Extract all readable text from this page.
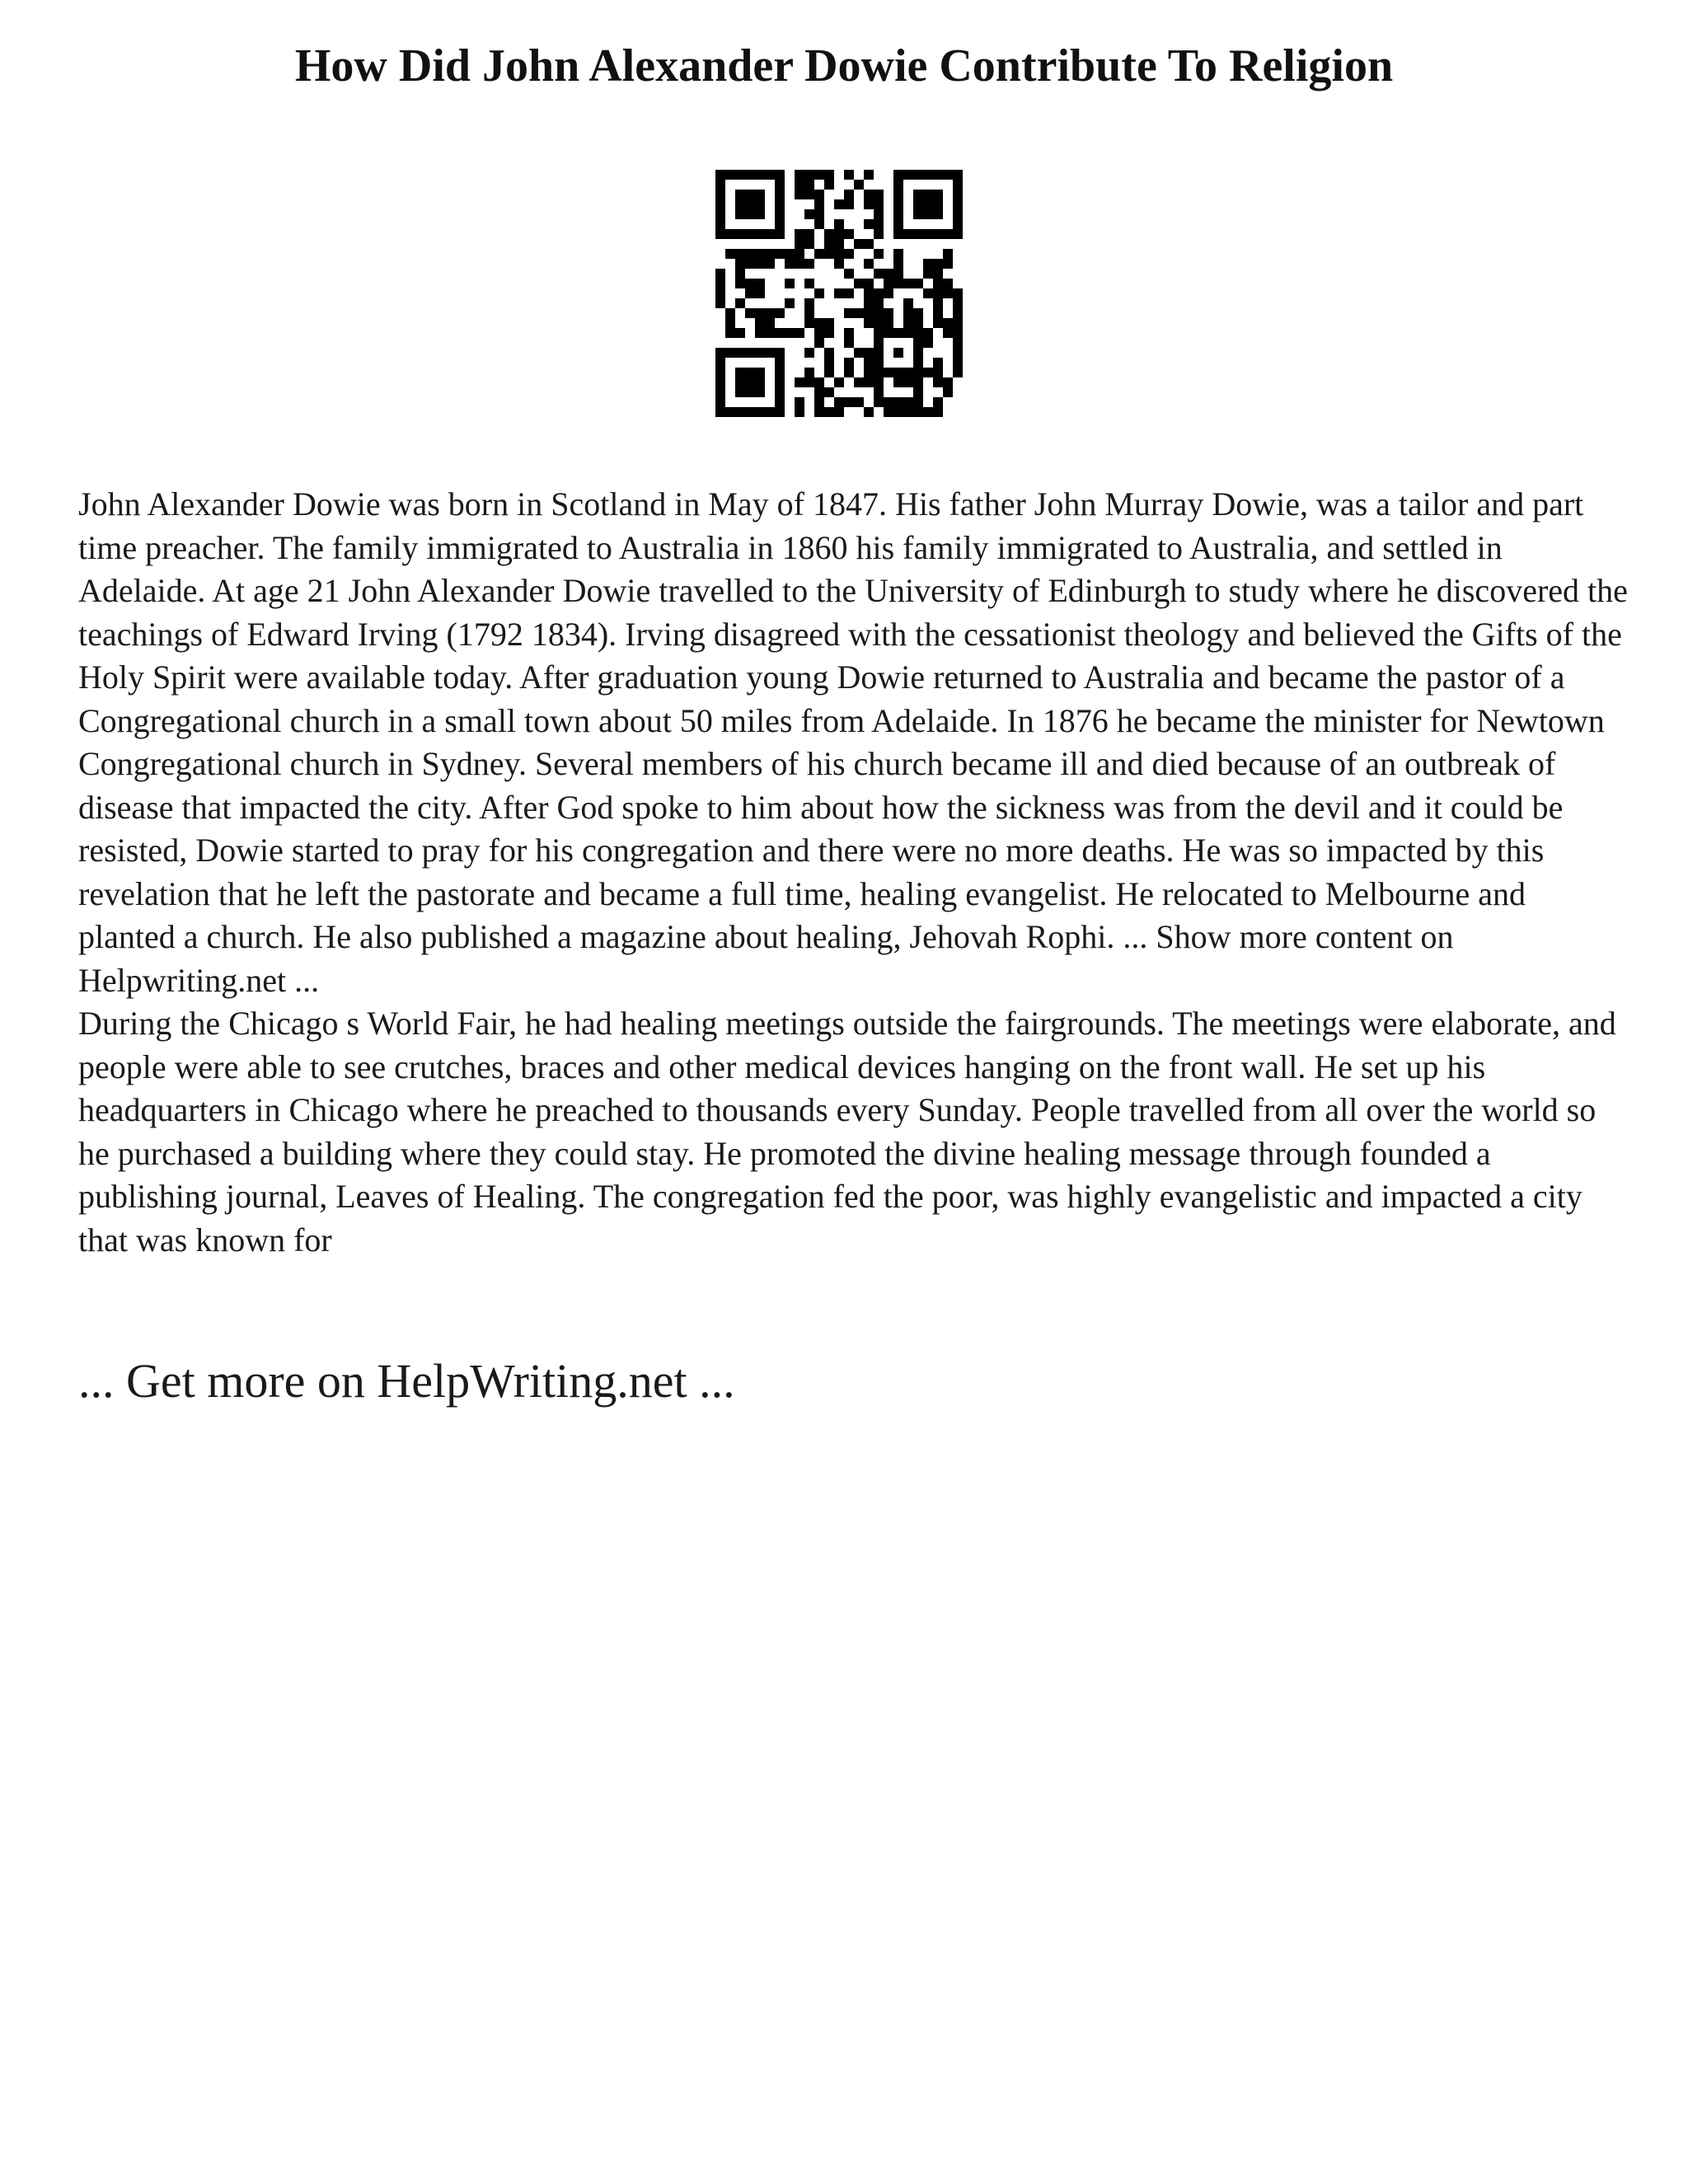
How Did John Alexander Dowie Contribute To Religion

John Alexander Dowie was born in Scotland in May of 1847. His father John Murray Dowie, was a tailor and part time preacher. The family immigrated to Australia in 1860 his family immigrated to Australia, and settled in Adelaide. At age 21 John Alexander Dowie travelled to the University of Edinburgh to study where he discovered the teachings of Edward Irving (1792 1834). Irving disagreed with the cessationist theology and believed the Gifts of the Holy Spirit were available today. After graduation young Dowie returned to Australia and became the pastor of a Congregational church in a small town about 50 miles from Adelaide. In 1876 he became the minister for Newtown Congregational church in Sydney. Several members of his church became ill and died because of an outbreak of disease that impacted the city. After God spoke to him about how the sickness was from the devil and it could be resisted, Dowie started to pray for his congregation and there were no more deaths. He was so impacted by this revelation that he left the pastorate and became a full time, healing evangelist. He relocated to Melbourne and planted a church. He also published a magazine about healing, Jehovah Rophi. ... Show more content on Helpwriting.net ...

During the Chicago s World Fair, he had healing meetings outside the fairgrounds. The meetings were elaborate, and people were able to see crutches, braces and other medical devices hanging on the front wall. He set up his headquarters in Chicago where he preached to thousands every Sunday. People travelled from all over the world so he purchased a building where they could stay. He promoted the divine healing message through founded a publishing journal, Leaves of Healing. The congregation fed the poor, was highly evangelistic and impacted a city that was known for

... Get more on HelpWriting.net ...
